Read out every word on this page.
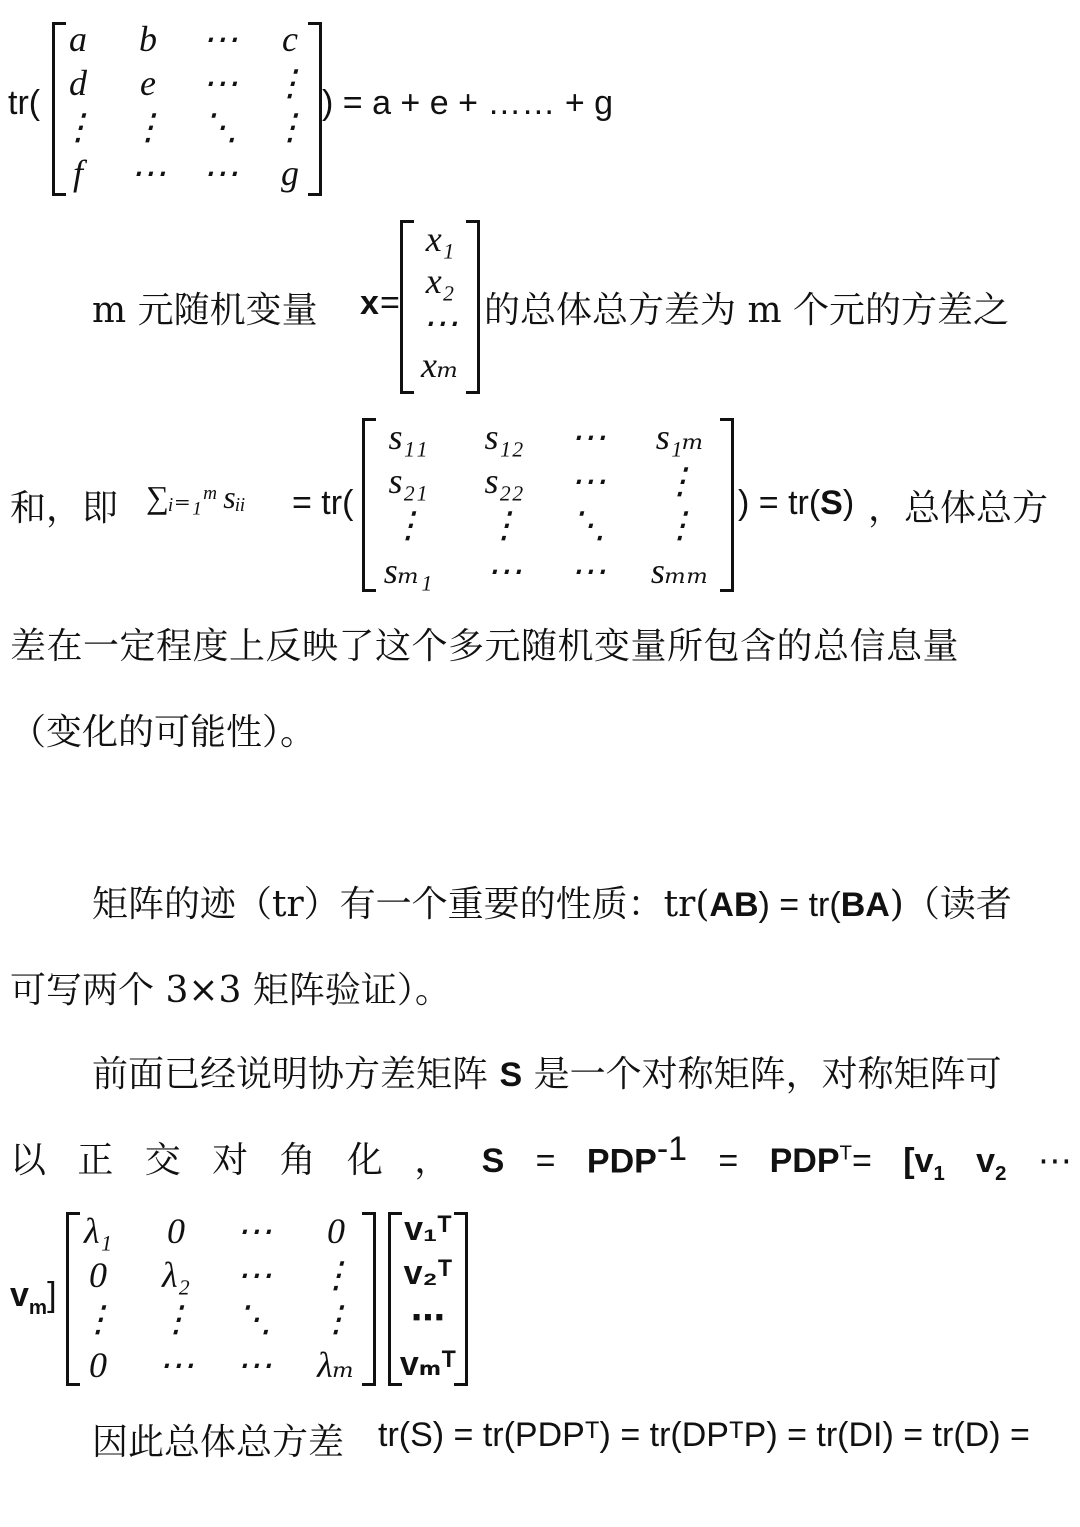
tr(
a	b	⋯	c
d	e	⋯ ⋮
⋮ ⋮	⋱ ⋮
f	⋯	⋯	g
) = a + e + …… + g
m 元随机变量 x =
x₁
x₂
⋯
xₘ
的总体总方差为 m 个元的方差之
和，即 ∑ᵢ₌₁ᵐ sᵢᵢ = tr(
s₁₁	s₁₂	⋯	s₁ₘ
s₂₁	s₂₂	⋯	⋮
⋮	⋮	⋱	⋮
sₘ₁	⋯	⋯	sₘₘ
) = tr(S) ，总体总方
差在一定程度上反映了这个多元随机变量所包含的总信息量
（变化的可能性）。
矩阵的迹（tr）有一个重要的性质：tr(AB) = tr(BA)（读者
可写两个 3×3 矩阵验证）。
前面已经说明协方差矩阵 S 是一个对称矩阵，对称矩阵可
以 正 交 对 角 化 ， $S = PDP^{-1} = PDP^T= [v_1$ $v_2$ ⋯
$v_m$]
λ₁	0	⋯	0
0	λ₂	⋯	⋮
⋮	⋮	⋱	⋮
0	⋯	⋯	λₘ
v₁ᵀ
v₂ᵀ
⋯
vₘᵀ
因此总体总方差 tr(S) = tr(PDPᵀ) = tr(DPᵀP) = tr(DI) = tr(D) =
